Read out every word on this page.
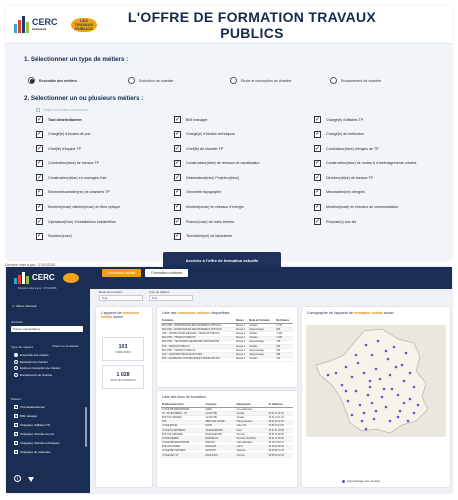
CERC
■■■■■■■■
LES TRAVAUX PUBLICS
L'OFFRE DE FORMATION TRAVAUX PUBLICS
1. Sélectionner un type de métiers :
Ensemble des métiers	Exécution de chantier	Étude et conception de chantier	Encadrement de chantier
2. Sélectionner un ou plusieurs métiers :
Cliquer sur métiers sélectionnés
✓ Tout désélectionner	✓ BIM manager	✓ Chargé(e) d'affaires TP
✓ Chargé(e) d'études de prix	✓ Chargé(e) d'études techniques	✓ Chargé(e) de méthodes
✓ Chef(fe) d'équipe TP	✓ Chef(fe) de chantier TP	✓ Conducteur(trice) d'engins de TP
✓ Conducteur(trice) de travaux TP	✓ Constructeur(trice) de réseaux de canalisation	✓ Constructeur(trice) de routes & d'aménagements urbains
✓ Constructeur(trice) en ouvrages d'art	✓ Dessinateur(trice) Projeteur(trice)	✓ Directeur(trice) de travaux TP
✓ Electromécanicien(ne) de chantiers TP	✓ Géomètre topographe	✓ Mécanicien(ne) d'engins
✓ Monteur(euse) câbleur(euse) en fibre optique	✓ Monteur(euse) en réseaux d'énergie	✓ Monteur(euse) en réseaux de communication
✓ Opérateur(trice) d'installations industrielles	✓ Poseur(euse) de voies ferrées	✓ Préposé(e) aux tirs
✓ Soudeur(euse)	✓ Technicien(ne) de laboratoire
Accéder à l'offre de formation actuelle
Dernière mise à jour : 07/01/2025
CERC
Dernière mise à jour : 07/01/2025
⌂ Menu d'accueil
Territoire
France métropolitaine
Type de métiers	Cliquez sur la sélection
Ensemble des métiers
Exécution de chantier
Etude et conception de chantier
Encadrement de chantier
Métiers
✓ Tout désélectionner
✓ BIM manager
✓ Chargé(e) d'affaires TP
✓ Chargé(e) d'études de prix
✓ Chargé(e) d'études techniques
✓ Chargé(e) de méthodes
i
Formation initiale	Formation continue
Mode de formation
Tout
Type de diplôme
Tout
L'appareil de formation initiale actuel
103
FORMATIONS
1 028
LIEUX DE FORMATION
Liste des formations initiales disponibles
Formation	Niveau	Mode de formation	Nb d'élèves
BAC PRO - MAINTENANCE DES MATERIELS OPTION A	Niveau 4	Scolaire	2 734
BAC PRO - MAINTENANCE DES MATERIELS OPTION B	Niveau 4	Apprentissage	906
CAP - CONDUCTEUR D'ENGINS : TRAVAUX PUBLICS	Niveau 3	Scolaire	1 208
BAC PRO - TRAVAUX PUBLICS	Niveau 4	Scolaire	1 046
BAC PRO - TECHNICIEN GEOMETRE TOPOGRAPHE	Niveau 4	Apprentissage	745
BTS - TRAVAUX PUBLICS	Niveau 5	Scolaire	692
BAC PRO - TRAVAUX PUBLICS	Niveau 4	Apprentissage	623
CAP - CONSTRUCTEUR DE ROUTES	Niveau 3	Apprentissage	498
BTS - GEOMETRE TOPOGRAPHE ET MODELISATION	Niveau 5	Scolaire	412
Liste des lieux de formation
Etablissement privé	Commune	Département	N° téléphone
LYCEE PROFESSIONNEL	AGEN	Lot-et-Garonne	
LP - DU BATIMENT - TP	LA ROCHE	Vendée	02 51 37 11 52
BTP CFA VENDEE	LA ROCHE	Vendée	02 51 44 11 20
CFA	SIRE SUR L'ESSE	Haute-Garonne	05 61 42 11 52
LYCEE EIFFEL	DIJON	Côte-d'Or	03 80 44 14 00
LYCEE DU BATIMENT	VALENCIENNES	Nord	03 27 41 23 60
BTP CFA GIRONDE	BLANQUEFORT	Gironde	05 56 35 60 50
LYCEE PIERRE	MARSEILLE	Bouches-du-Rhône	04 91 11 05 00
LYCEE PROFESSIONNEL	NANTES	Loire-Atlantique	02 40 73 63 71
BTP CFA LOIRET	ORLEANS	Loiret	02 38 21 36 40
LYCEE DES METIERS	AVIGNON	Vaucluse	04 90 86 41 00
LYCEE DES TP	EGLETONS	Corrèze	05 55 93 03 42
Cartographie de l'appareil de formation initiale actuel
Apprentissage et/ou Scolaire
